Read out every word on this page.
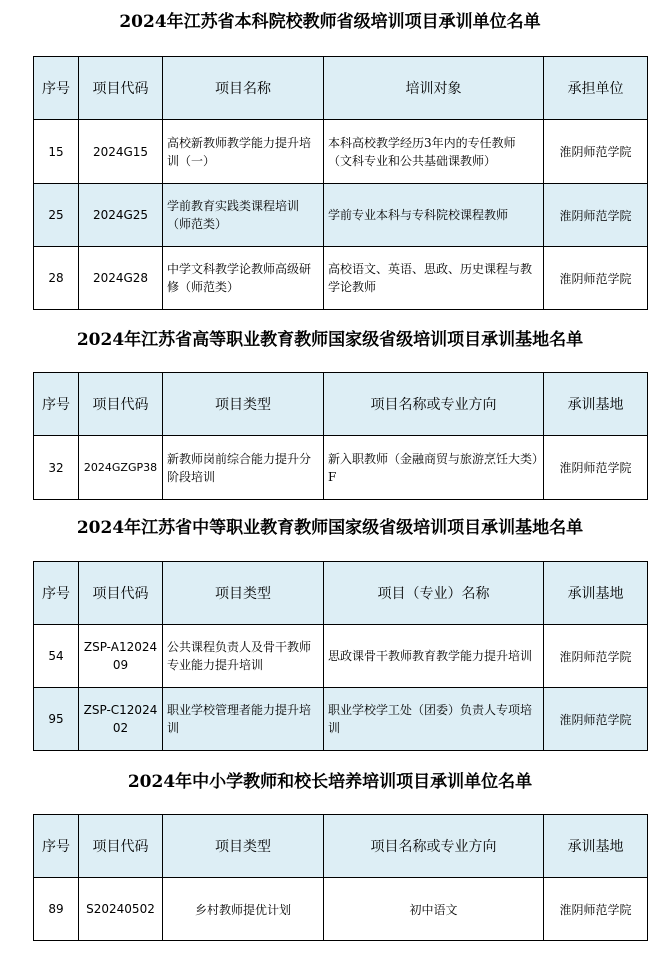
2024年江苏省本科院校教师省级培训项目承训单位名单
序号	项目代码	项目名称	培训对象	承担单位
15	2024G15	高校新教师教学能力提升培训（一）	本科高校教学经历3年内的专任教师（文科专业和公共基础课教师）	淮阴师范学院
25	2024G25	学前教育实践类课程培训（师范类）	学前专业本科与专科院校课程教师	淮阴师范学院
28	2024G28	中学文科教学论教师高级研修（师范类）	高校语文、英语、思政、历史课程与教学论教师	淮阴师范学院
2024年江苏省高等职业教育教师国家级省级培训项目承训基地名单
序号	项目代码	项目类型	项目名称或专业方向	承训基地
32	2024GZGP38	新教师岗前综合能力提升分阶段培训	新入职教师（金融商贸与旅游烹饪大类）F	淮阴师范学院
2024年江苏省中等职业教育教师国家级省级培训项目承训基地名单
序号	项目代码	项目类型	项目（专业）名称	承训基地
54	ZSP-A1202409	公共课程负责人及骨干教师专业能力提升培训	思政课骨干教师教育教学能力提升培训	淮阴师范学院
95	ZSP-C1202402	职业学校管理者能力提升培训	职业学校学工处（团委）负责人专项培训	淮阴师范学院
2024年中小学教师和校长培养培训项目承训单位名单
序号	项目代码	项目类型	项目名称或专业方向	承训基地
89	S20240502	乡村教师提优计划	初中语文	淮阴师范学院
